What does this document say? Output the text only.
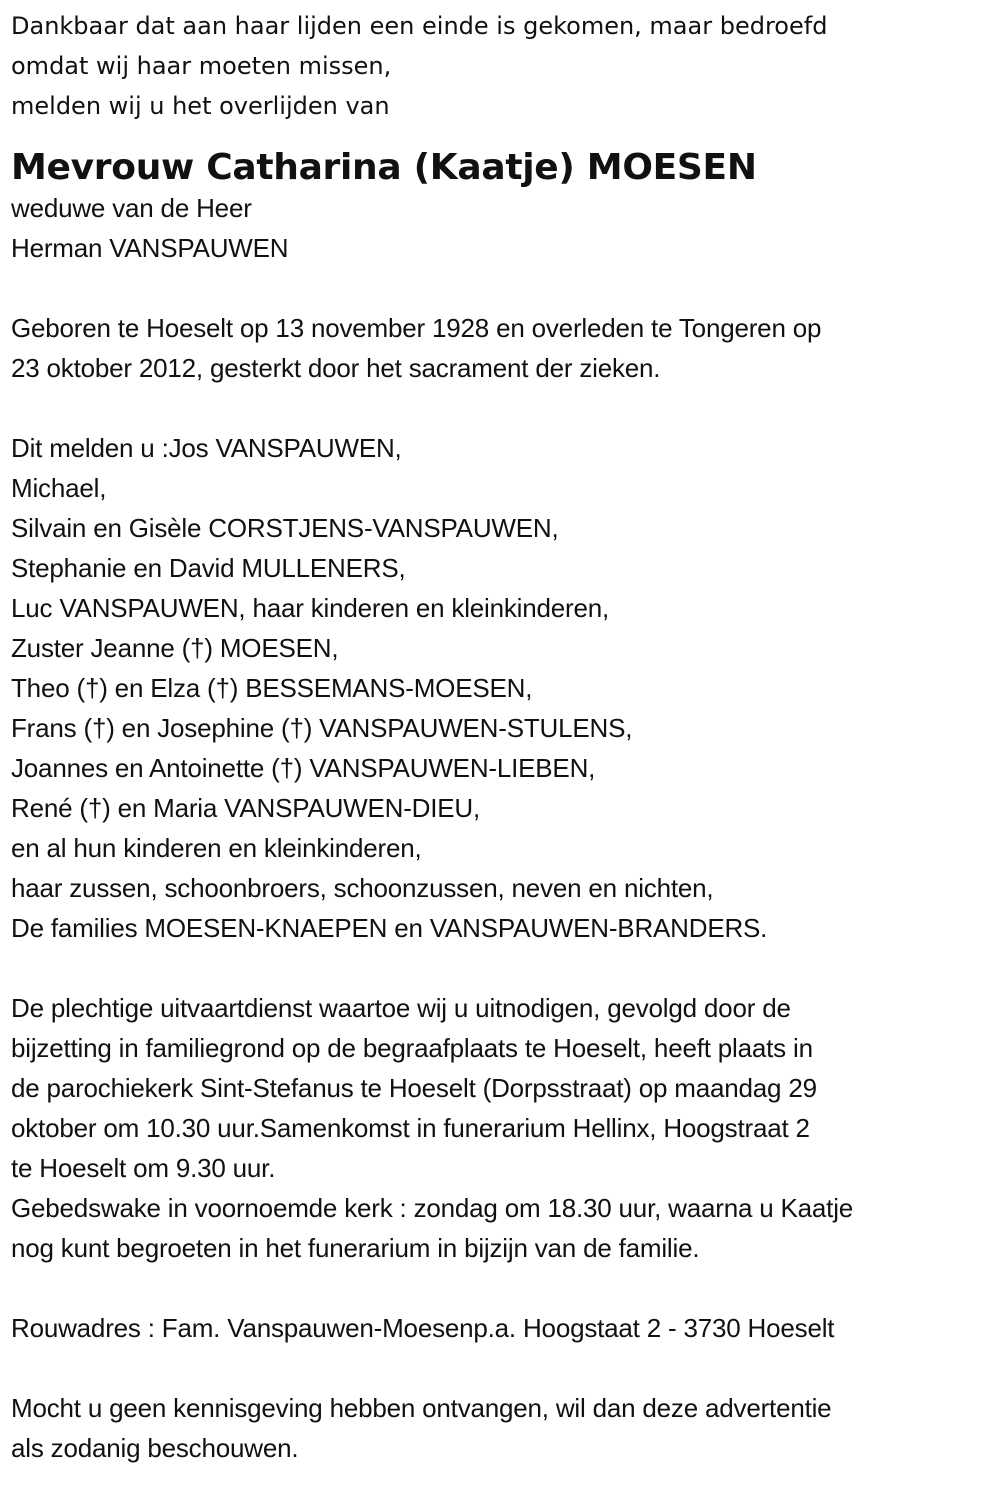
Dankbaar dat aan haar lijden een einde is gekomen, maar bedroefd
omdat wij haar moeten missen,
melden wij u het overlijden van
Mevrouw Catharina (Kaatje) MOESEN
weduwe van de Heer
Herman VANSPAUWEN
Geboren te Hoeselt op 13 november 1928 en overleden te Tongeren op
23 oktober 2012, gesterkt door het sacrament der zieken.
Dit melden u :Jos VANSPAUWEN,
Michael,
Silvain en Gisèle CORSTJENS-VANSPAUWEN,
Stephanie en David MULLENERS,
Luc VANSPAUWEN, haar kinderen en kleinkinderen,
Zuster Jeanne (†) MOESEN,
Theo (†) en Elza (†) BESSEMANS-MOESEN,
Frans (†) en Josephine (†) VANSPAUWEN-STULENS,
Joannes en Antoinette (†) VANSPAUWEN-LIEBEN,
René (†) en Maria VANSPAUWEN-DIEU,
en al hun kinderen en kleinkinderen,
haar zussen, schoonbroers, schoonzussen, neven en nichten,
De families MOESEN-KNAEPEN en VANSPAUWEN-BRANDERS.
De plechtige uitvaartdienst waartoe wij u uitnodigen, gevolgd door de
bijzetting in familiegrond op de begraafplaats te Hoeselt, heeft plaats in
de parochiekerk Sint-Stefanus te Hoeselt (Dorpsstraat) op maandag 29
oktober om 10.30 uur.Samenkomst in funerarium Hellinx, Hoogstraat 2
te Hoeselt om 9.30 uur.
Gebedswake in voornoemde kerk : zondag om 18.30 uur, waarna u Kaatje
nog kunt begroeten in het funerarium in bijzijn van de familie.
Rouwadres : Fam. Vanspauwen-Moesenp.a. Hoogstaat 2 - 3730 Hoeselt
Mocht u geen kennisgeving hebben ontvangen, wil dan deze advertentie
als zodanig beschouwen.
